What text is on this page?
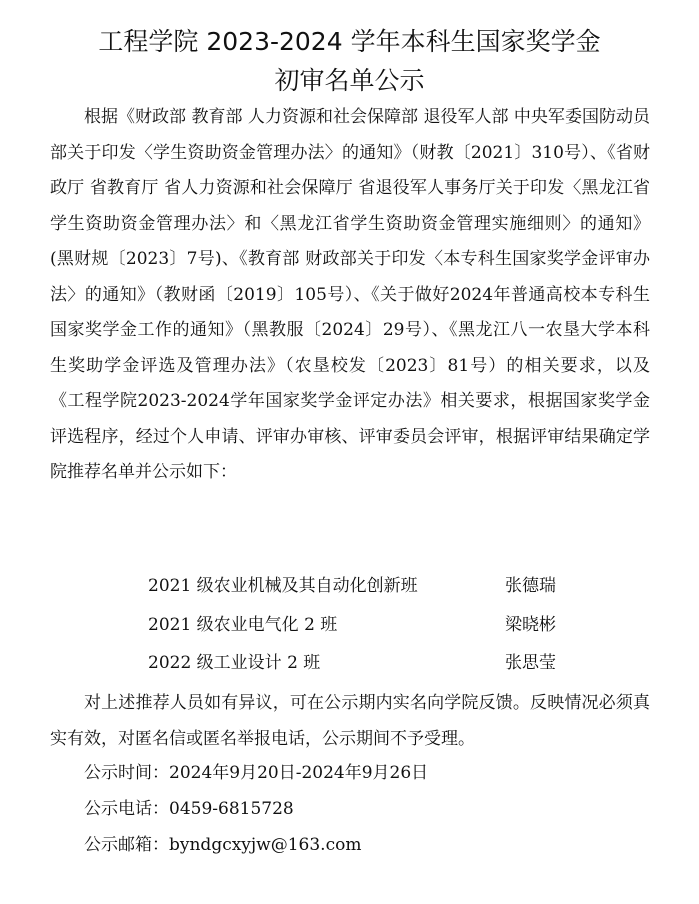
工程学院 2023-2024 学年本科生国家奖学金
初审名单公示
根据《财政部 教育部 人力资源和社会保障部 退役军人部 中央军委国防动员部关于印发〈学生资助资金管理办法〉的通知》（财教〔2021〕310号）、《省财政厅 省教育厅 省人力资源和社会保障厅 省退役军人事务厅关于印发〈黑龙江省学生资助资金管理办法〉和〈黑龙江省学生资助资金管理实施细则〉的通知》(黑财规〔2023〕7号)、《教育部 财政部关于印发〈本专科生国家奖学金评审办法〉的通知》（教财函〔2019〕105号）、《关于做好2024年普通高校本专科生国家奖学金工作的通知》（黑教服〔2024〕29号）、《黑龙江八一农垦大学本科生奖助学金评选及管理办法》（农垦校发〔2023〕81号）的相关要求，以及《工程学院2023-2024学年国家奖学金评定办法》相关要求，根据国家奖学金评选程序，经过个人申请、评审办审核、评审委员会评审，根据评审结果确定学院推荐名单并公示如下：
2021 级农业机械及其自动化创新班	张德瑞
2021 级农业电气化 2 班	梁晓彬
2022 级工业设计 2 班	张思莹
对上述推荐人员如有异议，可在公示期内实名向学院反馈。反映情况必须真实有效，对匿名信或匿名举报电话，公示期间不予受理。
公示时间：2024年9月20日-2024年9月26日
公示电话：0459-6815728
公示邮箱：byndgcxyjw@163.com
